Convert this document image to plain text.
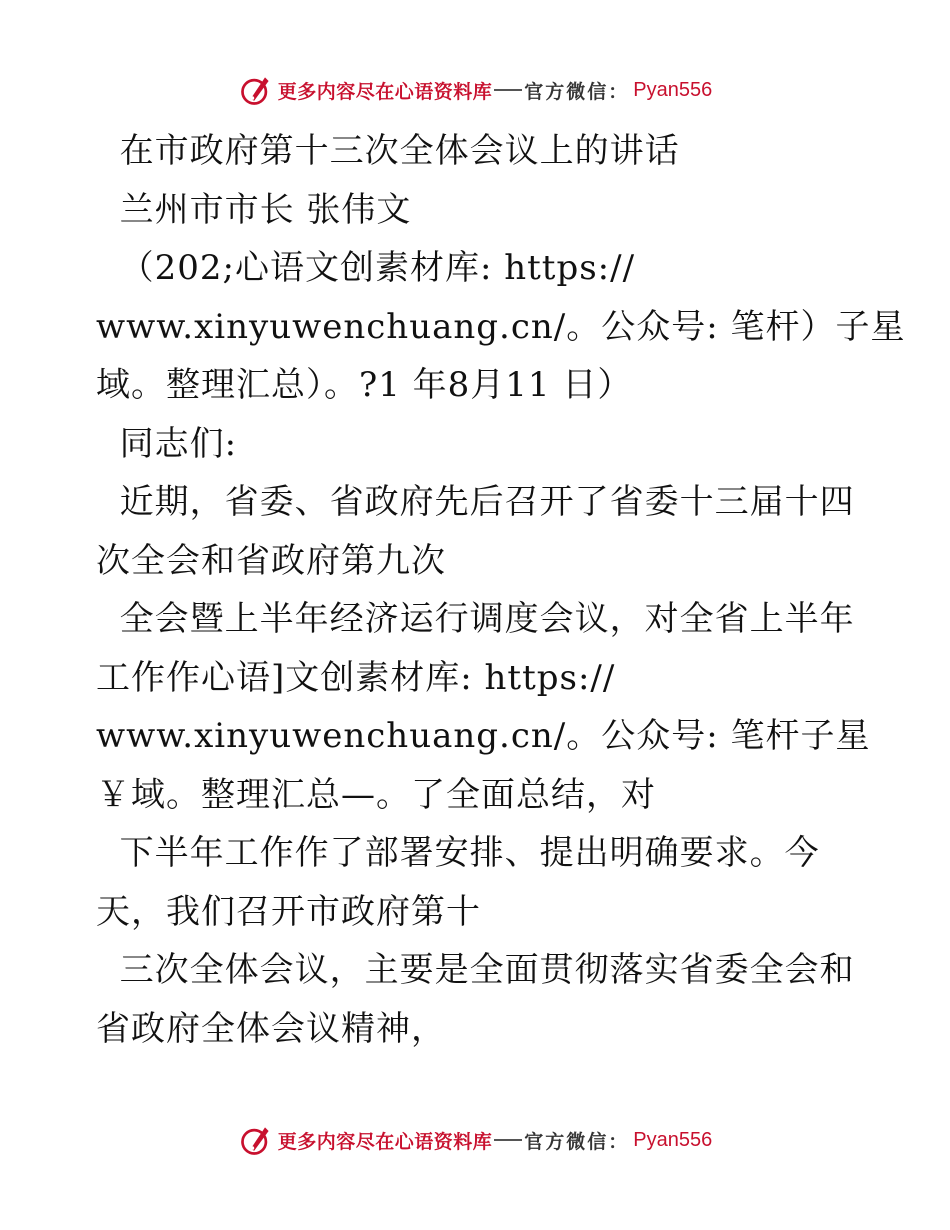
更多内容尽在心语资料库 官方微信： Pyan556
在市政府第十三次全体会议上的讲话
兰州市市长 张伟文
（202;心语文创素材库: https://
www.xinyuwenchuang.cn/。公众号: 笔杆）子星
域。整理汇总）。?1 年8月11 日）
同志们:
近期，省委、省政府先后召开了省委十三届十四
次全会和省政府第九次
全会暨上半年经济运行调度会议，对全省上半年
工作作心语]文创素材库: https://
www.xinyuwenchuang.cn/。公众号: 笔杆子星
￥域。整理汇总—。了全面总结，对
下半年工作作了部署安排、提出明确要求。今
天，我们召开市政府第十
三次全体会议，主要是全面贯彻落实省委全会和
省政府全体会议精神，
更多内容尽在心语资料库 官方微信： Pyan556
